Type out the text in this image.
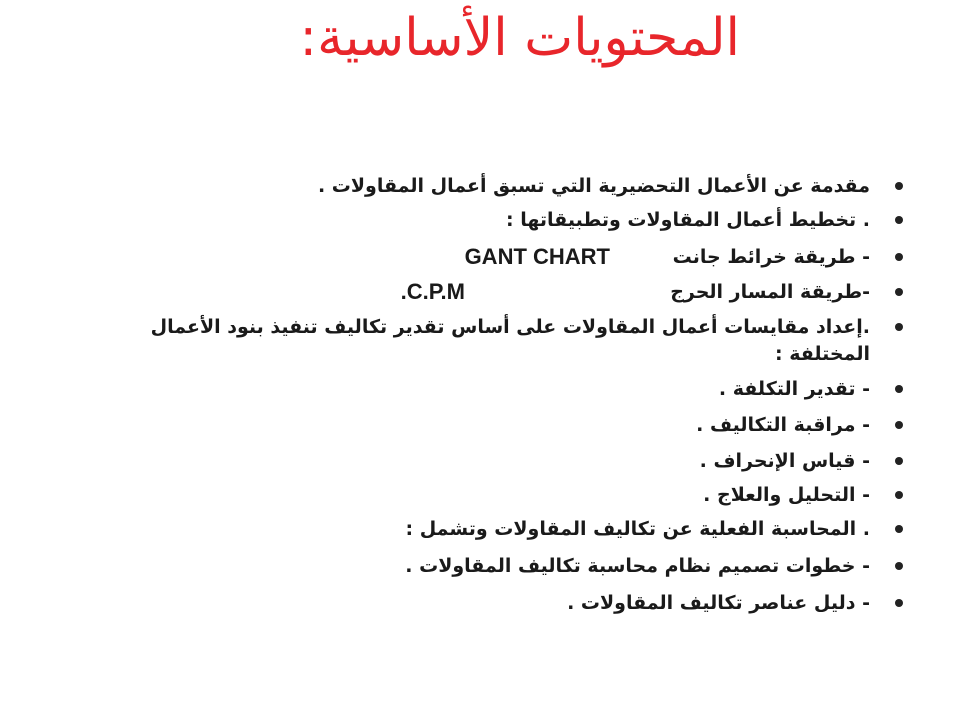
المحتويات الأساسية:
مقدمة عن الأعمال التحضيرية التي تسبق أعمال المقاولات .
. تخطيط أعمال المقاولات وتطبيقاتها :
- طريقة خرائط جانت
GANT CHART
-طريقة المسار الحرج
C.P.M.
.إعداد مقايسات أعمال المقاولات على أساس تقدير تكاليف تنفيذ بنود الأعمال
المختلفة :
- تقدير التكلفة .
- مراقبة التكاليف .
- قياس الإنحراف .
- التحليل والعلاج .
. المحاسبة الفعلية عن تكاليف المقاولات وتشمل :
- خطوات تصميم نظام محاسبة تكاليف المقاولات .
- دليل عناصر تكاليف المقاولات .
